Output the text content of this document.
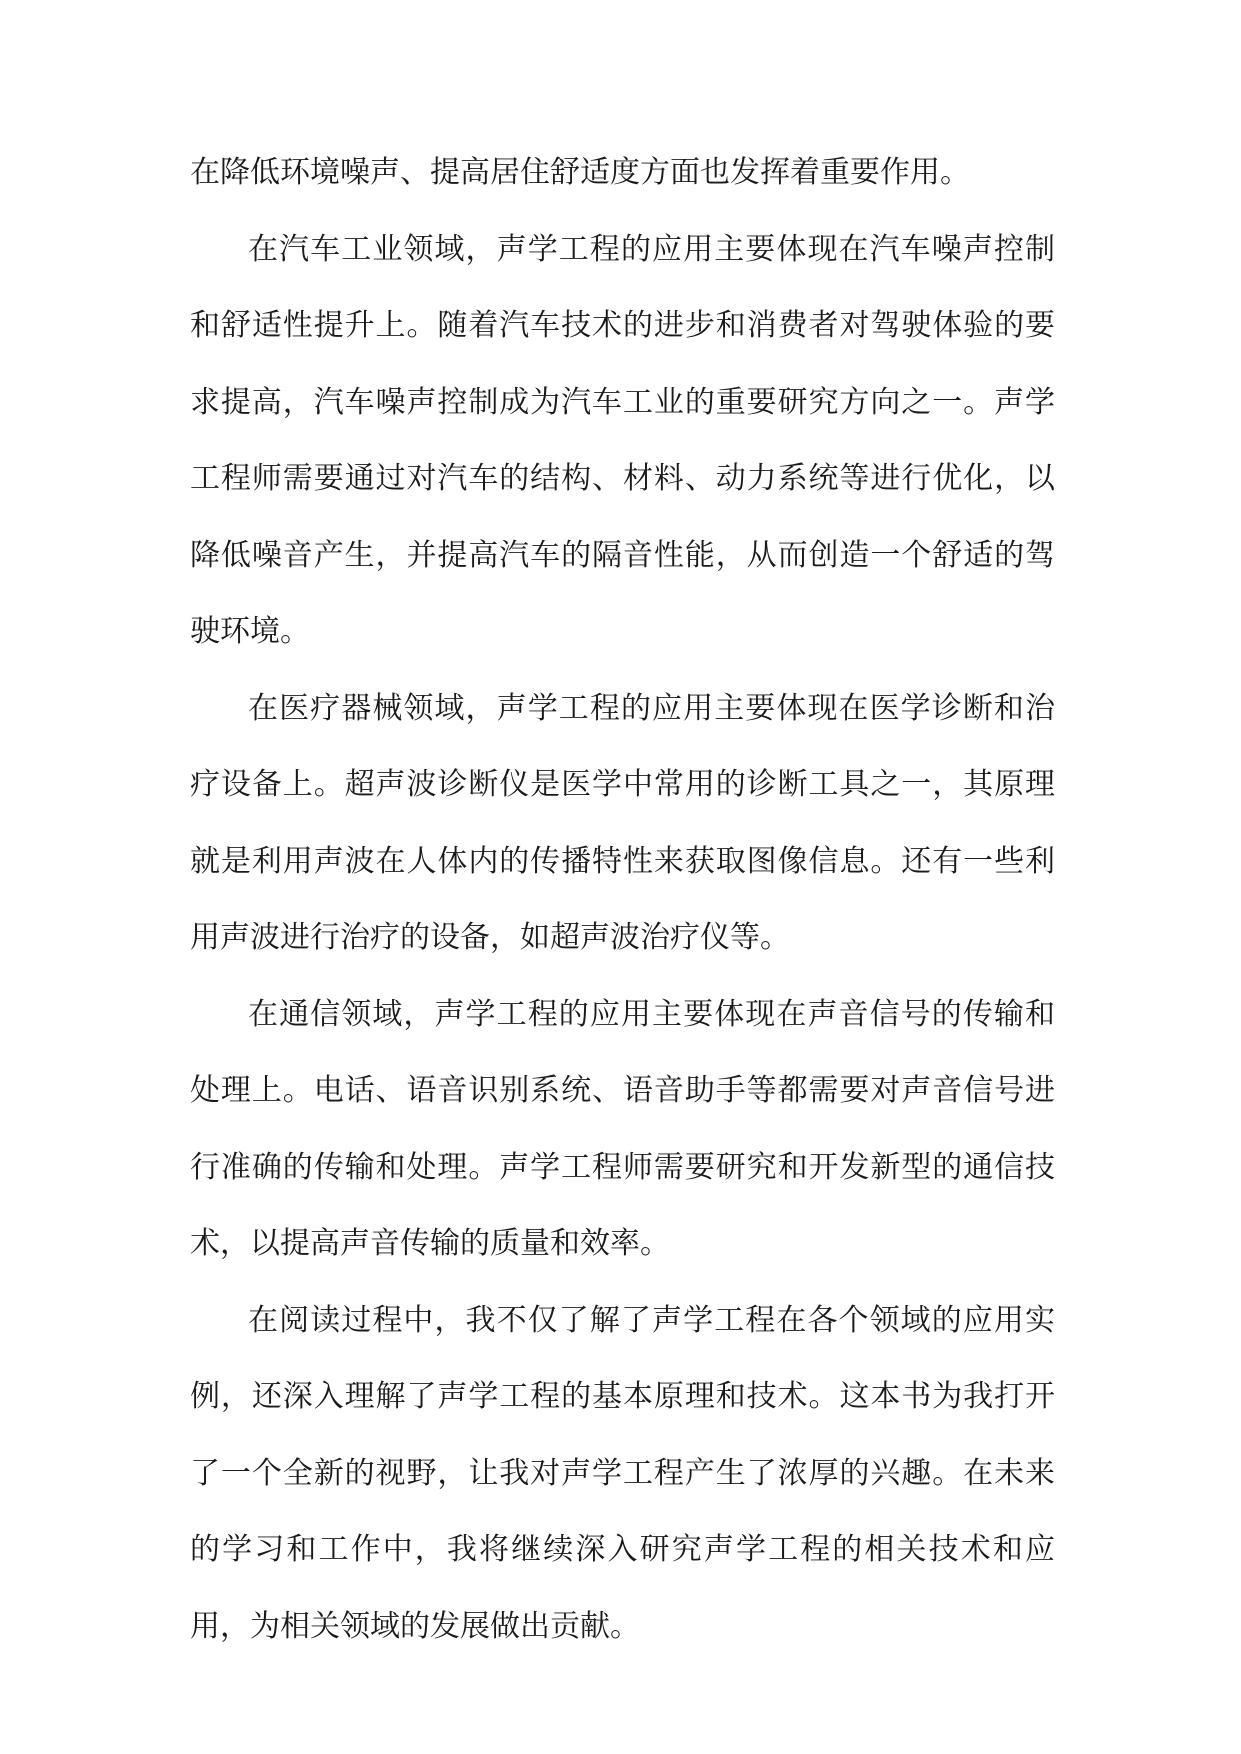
在降低环境噪声、提高居住舒适度方面也发挥着重要作用。

在汽车工业领域，声学工程的应用主要体现在汽车噪声控制和舒适性提升上。随着汽车技术的进步和消费者对驾驶体验的要求提高，汽车噪声控制成为汽车工业的重要研究方向之一。声学工程师需要通过对汽车的结构、材料、动力系统等进行优化，以降低噪音产生，并提高汽车的隔音性能，从而创造一个舒适的驾驶环境。

在医疗器械领域，声学工程的应用主要体现在医学诊断和治疗设备上。超声波诊断仪是医学中常用的诊断工具之一，其原理就是利用声波在人体内的传播特性来获取图像信息。还有一些利用声波进行治疗的设备，如超声波治疗仪等。

在通信领域，声学工程的应用主要体现在声音信号的传输和处理上。电话、语音识别系统、语音助手等都需要对声音信号进行准确的传输和处理。声学工程师需要研究和开发新型的通信技术，以提高声音传输的质量和效率。

在阅读过程中，我不仅了解了声学工程在各个领域的应用实例，还深入理解了声学工程的基本原理和技术。这本书为我打开了一个全新的视野，让我对声学工程产生了浓厚的兴趣。在未来的学习和工作中，我将继续深入研究声学工程的相关技术和应用，为相关领域的发展做出贡献。
